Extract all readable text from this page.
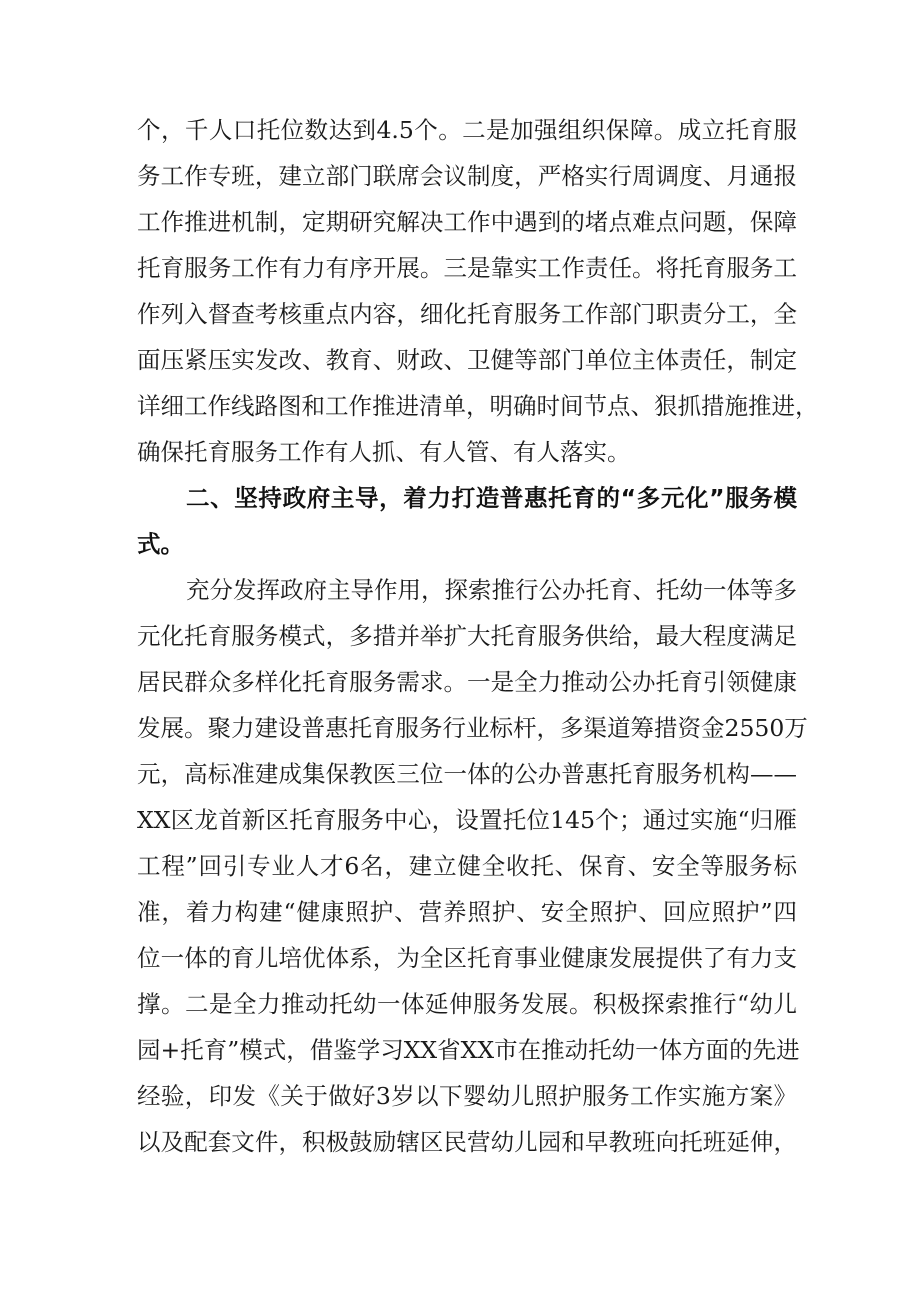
个，千人口托位数达到4.5个。二是加强组织保障。成立托育服
务工作专班，建立部门联席会议制度，严格实行周调度、月通报
工作推进机制，定期研究解决工作中遇到的堵点难点问题，保障
托育服务工作有力有序开展。三是靠实工作责任。将托育服务工
作列入督查考核重点内容，细化托育服务工作部门职责分工，全
面压紧压实发改、教育、财政、卫健等部门单位主体责任，制定
详细工作线路图和工作推进清单，明确时间节点、狠抓措施推进，
确保托育服务工作有人抓、有人管、有人落实。
二、坚持政府主导，着力打造普惠托育的“多元化”服务模
式。
充分发挥政府主导作用，探索推行公办托育、托幼一体等多
元化托育服务模式，多措并举扩大托育服务供给，最大程度满足
居民群众多样化托育服务需求。一是全力推动公办托育引领健康
发展。聚力建设普惠托育服务行业标杆，多渠道筹措资金2550万
元，高标准建成集保教医三位一体的公办普惠托育服务机构——
XX区龙首新区托育服务中心，设置托位145个；通过实施“归雁
工程”回引专业人才6名，建立健全收托、保育、安全等服务标
准，着力构建“健康照护、营养照护、安全照护、回应照护”四
位一体的育儿培优体系，为全区托育事业健康发展提供了有力支
撑。二是全力推动托幼一体延伸服务发展。积极探索推行“幼儿
园+托育”模式，借鉴学习XX省XX市在推动托幼一体方面的先进
经验，印发《关于做好3岁以下婴幼儿照护服务工作实施方案》
以及配套文件，积极鼓励辖区民营幼儿园和早教班向托班延伸，
